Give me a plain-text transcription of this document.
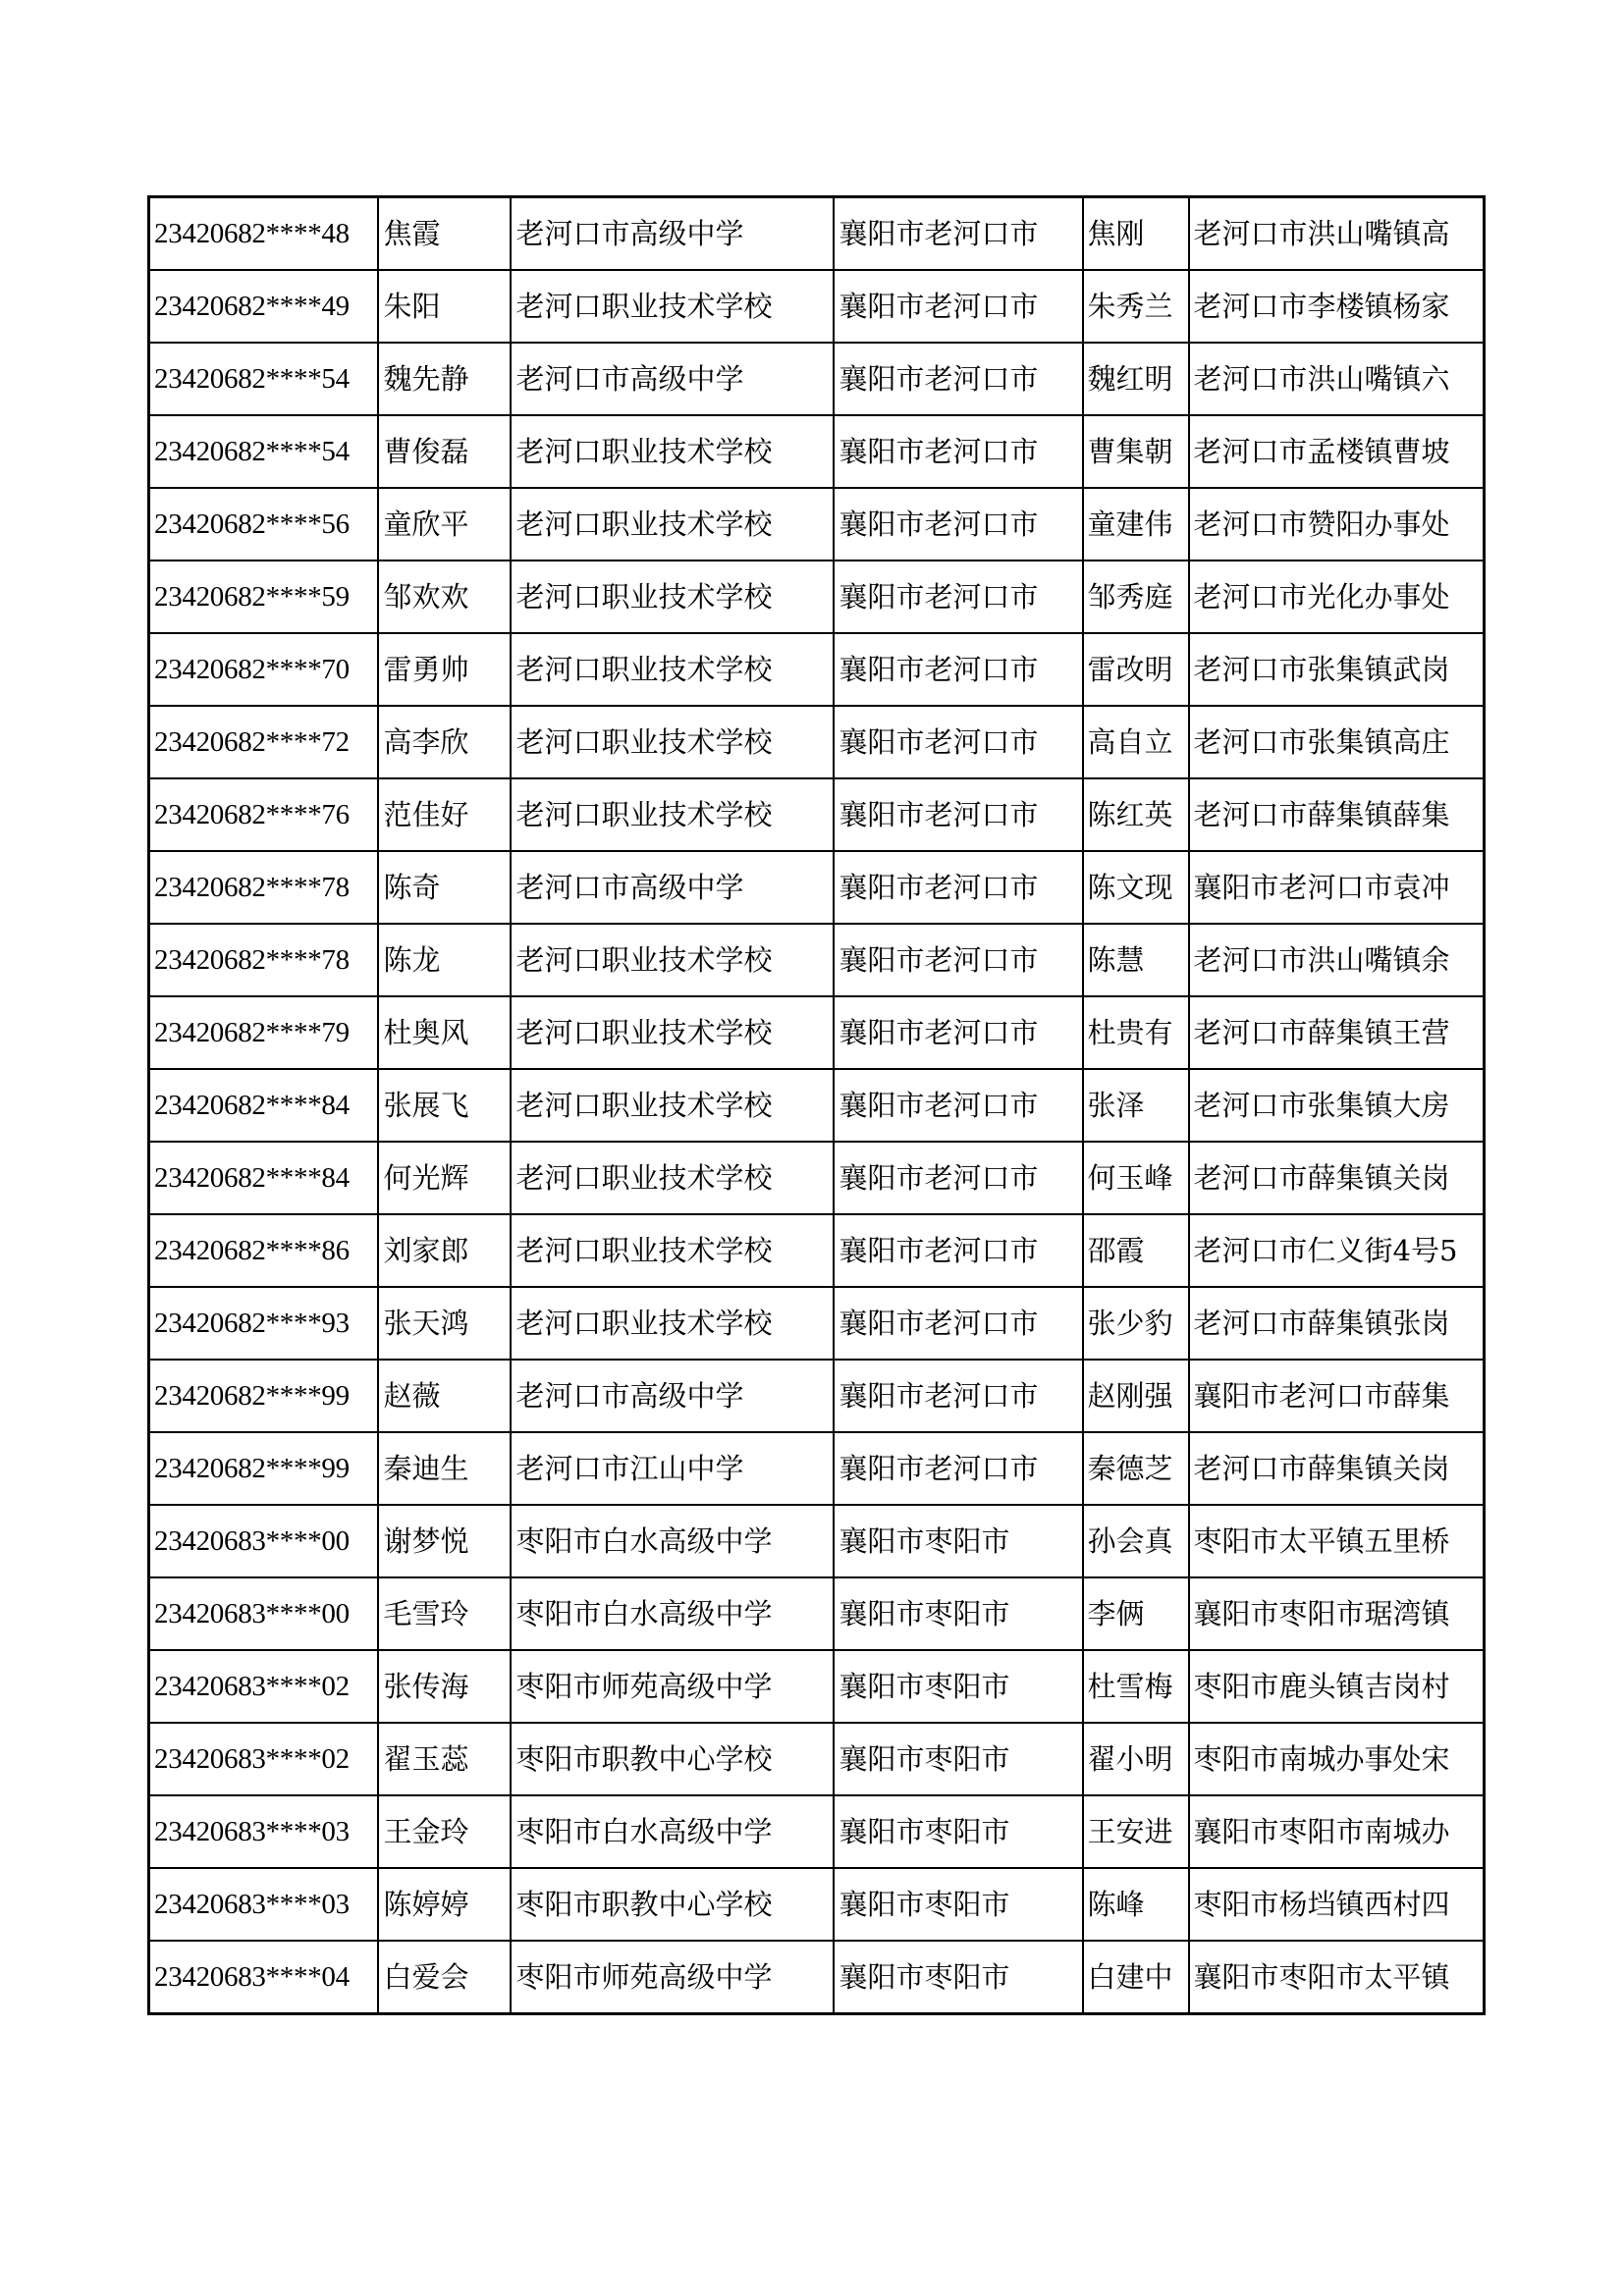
23420682****48	焦霞	老河口市高级中学	襄阳市老河口市	焦刚	老河口市洪山嘴镇高
23420682****49	朱阳	老河口职业技术学校	襄阳市老河口市	朱秀兰	老河口市李楼镇杨家
23420682****54	魏先静	老河口市高级中学	襄阳市老河口市	魏红明	老河口市洪山嘴镇六
23420682****54	曹俊磊	老河口职业技术学校	襄阳市老河口市	曹集朝	老河口市孟楼镇曹坡
23420682****56	童欣平	老河口职业技术学校	襄阳市老河口市	童建伟	老河口市赞阳办事处
23420682****59	邹欢欢	老河口职业技术学校	襄阳市老河口市	邹秀庭	老河口市光化办事处
23420682****70	雷勇帅	老河口职业技术学校	襄阳市老河口市	雷改明	老河口市张集镇武岗
23420682****72	高李欣	老河口职业技术学校	襄阳市老河口市	高自立	老河口市张集镇高庄
23420682****76	范佳好	老河口职业技术学校	襄阳市老河口市	陈红英	老河口市薛集镇薛集
23420682****78	陈奇	老河口市高级中学	襄阳市老河口市	陈文现	襄阳市老河口市袁冲
23420682****78	陈龙	老河口职业技术学校	襄阳市老河口市	陈慧	老河口市洪山嘴镇余
23420682****79	杜奥风	老河口职业技术学校	襄阳市老河口市	杜贵有	老河口市薛集镇王营
23420682****84	张展飞	老河口职业技术学校	襄阳市老河口市	张泽	老河口市张集镇大房
23420682****84	何光辉	老河口职业技术学校	襄阳市老河口市	何玉峰	老河口市薛集镇关岗
23420682****86	刘家郎	老河口职业技术学校	襄阳市老河口市	邵霞	老河口市仁义街4号5
23420682****93	张天鸿	老河口职业技术学校	襄阳市老河口市	张少豹	老河口市薛集镇张岗
23420682****99	赵薇	老河口市高级中学	襄阳市老河口市	赵刚强	襄阳市老河口市薛集
23420682****99	秦迪生	老河口市江山中学	襄阳市老河口市	秦德芝	老河口市薛集镇关岗
23420683****00	谢梦悦	枣阳市白水高级中学	襄阳市枣阳市	孙会真	枣阳市太平镇五里桥
23420683****00	毛雪玲	枣阳市白水高级中学	襄阳市枣阳市	李俩	襄阳市枣阳市琚湾镇
23420683****02	张传海	枣阳市师苑高级中学	襄阳市枣阳市	杜雪梅	枣阳市鹿头镇吉岗村
23420683****02	翟玉蕊	枣阳市职教中心学校	襄阳市枣阳市	翟小明	枣阳市南城办事处宋
23420683****03	王金玲	枣阳市白水高级中学	襄阳市枣阳市	王安进	襄阳市枣阳市南城办
23420683****03	陈婷婷	枣阳市职教中心学校	襄阳市枣阳市	陈峰	枣阳市杨垱镇西村四
23420683****04	白爱会	枣阳市师苑高级中学	襄阳市枣阳市	白建中	襄阳市枣阳市太平镇
